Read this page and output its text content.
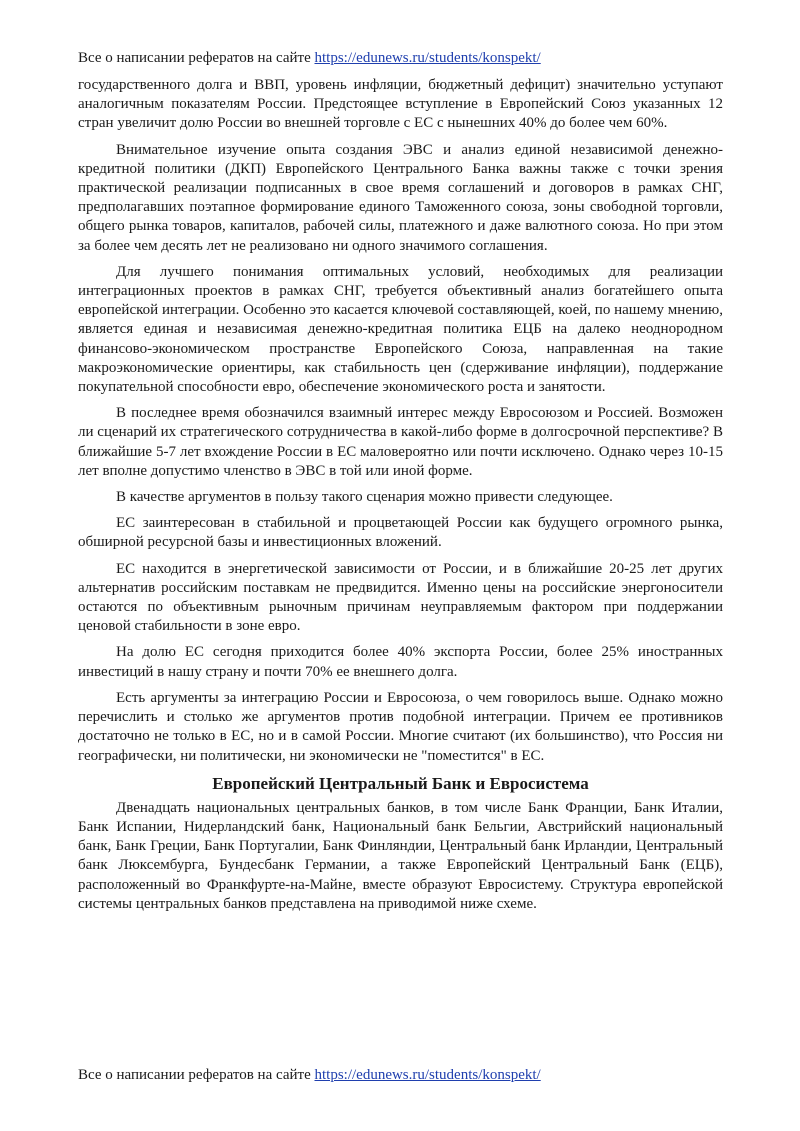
Все о написании рефератов на сайте https://edunews.ru/students/konspekt/

государственного долга и ВВП, уровень инфляции, бюджетный дефицит) значительно уступают аналогичным показателям России. Предстоящее вступление в Европейский Союз указанных 12 стран увеличит долю России во внешней торговле с ЕС с нынешних 40% до более чем 60%.

Внимательное изучение опыта создания ЭВС и анализ единой независимой денежно-кредитной политики (ДКП) Европейского Центрального Банка важны также с точки зрения практической реализации подписанных в свое время соглашений и договоров в рамках СНГ, предполагавших поэтапное формирование единого Таможенного союза, зоны свободной торговли, общего рынка товаров, капиталов, рабочей силы, платежного и даже валютного союза. Но при этом за более чем десять лет не реализовано ни одного значимого соглашения.

Для лучшего понимания оптимальных условий, необходимых для реализации интеграционных проектов в рамках СНГ, требуется объективный анализ богатейшего опыта европейской интеграции. Особенно это касается ключевой составляющей, коей, по нашему мнению, является единая и независимая денежно-кредитная политика ЕЦБ на далеко неоднородном финансово-экономическом пространстве Европейского Союза, направленная на такие макроэкономические ориентиры, как стабильность цен (сдерживание инфляции), поддержание покупательной способности евро, обеспечение экономического роста и занятости.

В последнее время обозначился взаимный интерес между Евросоюзом и Россией. Возможен ли сценарий их стратегического сотрудничества в какой-либо форме в долгосрочной перспективе? В ближайшие 5-7 лет вхождение России в ЕС маловероятно или почти исключено. Однако через 10-15 лет вполне допустимо членство в ЭВС в той или иной форме.

В качестве аргументов в пользу такого сценария можно привести следующее.

ЕС заинтересован в стабильной и процветающей России как будущего огромного рынка, обширной ресурсной базы и инвестиционных вложений.

ЕС находится в энергетической зависимости от России, и в ближайшие 20-25 лет других альтернатив российским поставкам не предвидится. Именно цены на российские энергоносители остаются по объективным рыночным причинам неуправляемым фактором при поддержании ценовой стабильности в зоне евро.

На долю ЕС сегодня приходится более 40% экспорта России, более 25% иностранных инвестиций в нашу страну и почти 70% ее внешнего долга.

Есть аргументы за интеграцию России и Евросоюза, о чем говорилось выше. Однако можно перечислить и столько же аргументов против подобной интеграции. Причем ее противников достаточно не только в ЕС, но и в самой России. Многие считают (их большинство), что Россия ни географически, ни политически, ни экономически не "поместится" в ЕС.

Европейский Центральный Банк и Евросистема

Двенадцать национальных центральных банков, в том числе Банк Франции, Банк Италии, Банк Испании, Нидерландский банк, Национальный банк Бельгии, Австрийский национальный банк, Банк Греции, Банк Португалии, Банк Финляндии, Центральный банк Ирландии, Центральный банк Люксембурга, Бундесбанк Германии, а также Европейский Центральный Банк (ЕЦБ), расположенный во Франкфурте-на-Майне, вместе образуют Евросистему. Структура европейской системы центральных банков представлена на приводимой ниже схеме.

Все о написании рефератов на сайте https://edunews.ru/students/konspekt/
